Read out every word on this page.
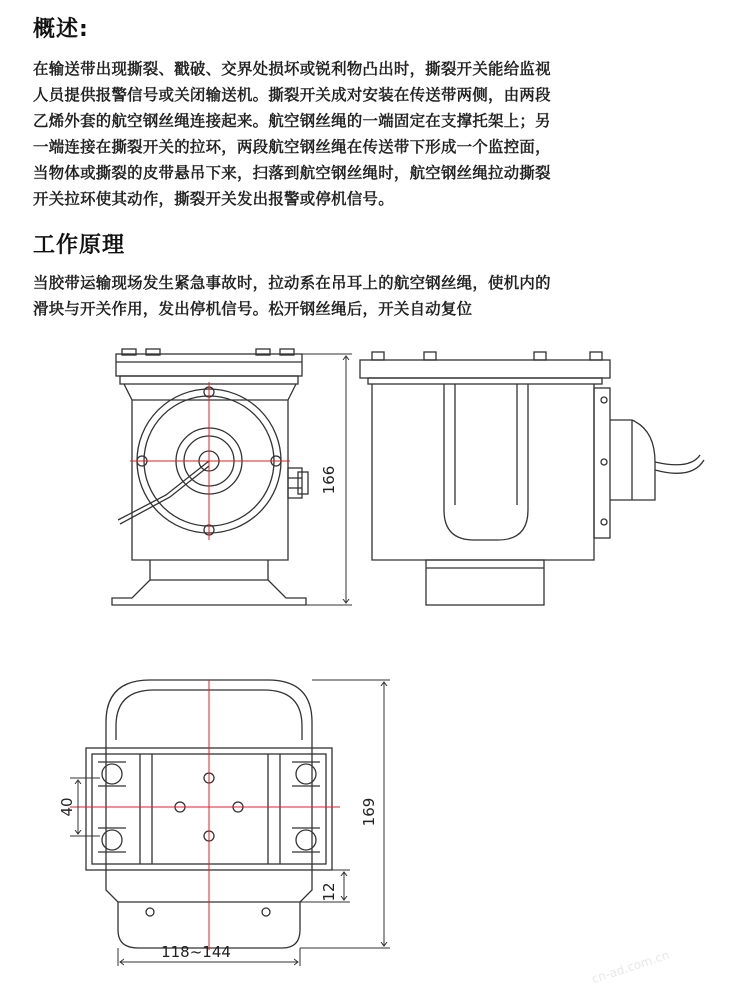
概述:
在输送带出现撕裂、戳破、交界处损坏或锐利物凸出时，撕裂开关能给监视
人员提供报警信号或关闭输送机。撕裂开关成对安装在传送带两侧，由两段
乙烯外套的航空钢丝绳连接起来。航空钢丝绳的一端固定在支撑托架上；另
一端连接在撕裂开关的拉环，两段航空钢丝绳在传送带下形成一个监控面，
当物体或撕裂的皮带悬吊下来，扫落到航空钢丝绳时，航空钢丝绳拉动撕裂
开关拉环使其动作，撕裂开关发出报警或停机信号。
工作原理
当胶带运输现场发生紧急事故时，拉动系在吊耳上的航空钢丝绳，使机内的
滑块与开关作用，发出停机信号。松开钢丝绳后，开关自动复位
166
40	169
12
118~144	cn-ad.com.cn
